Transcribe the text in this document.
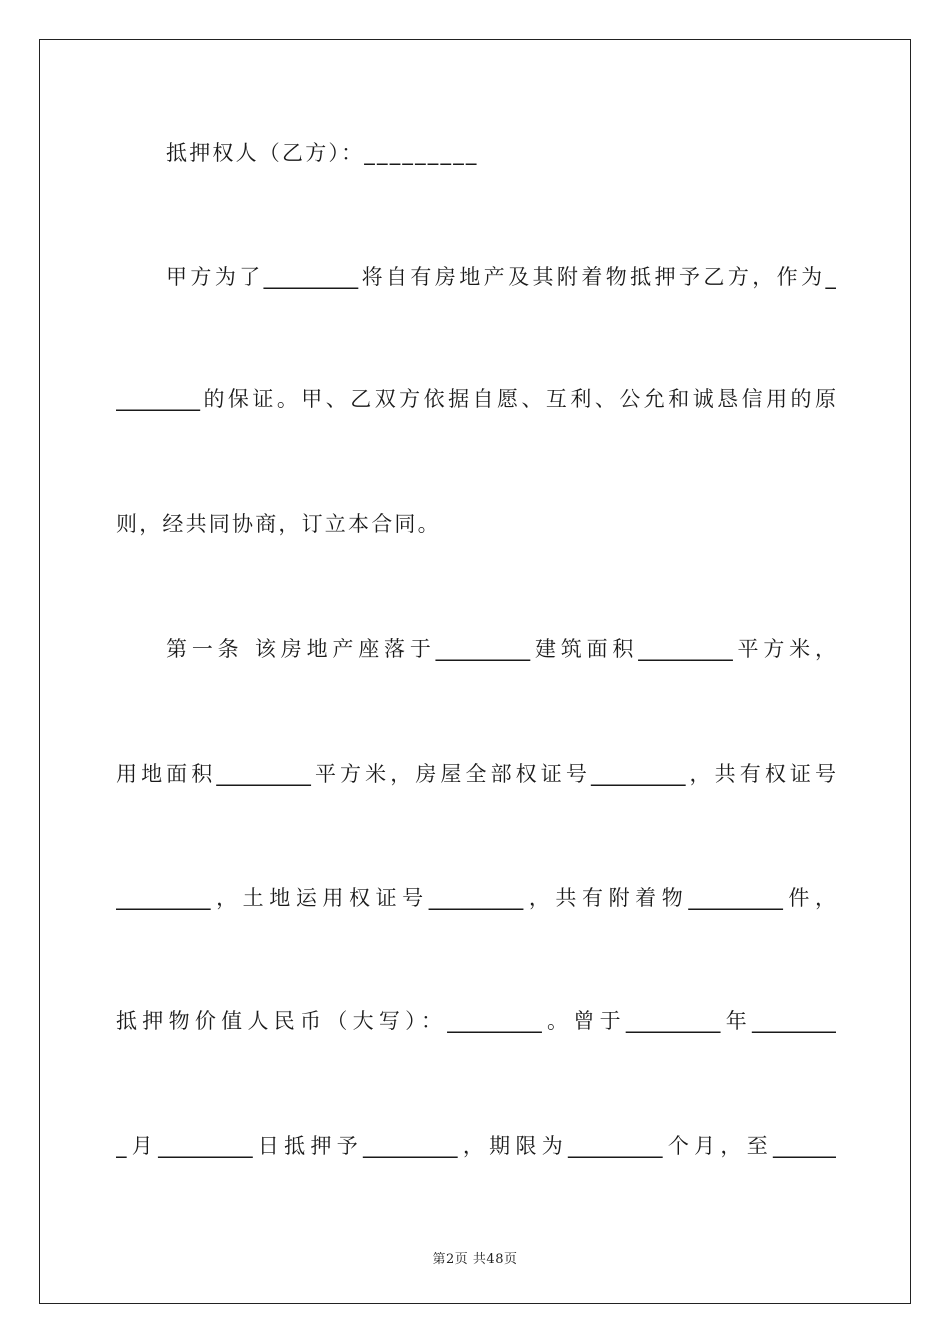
抵押权人（乙方）：_________
甲方为了_________将自有房地产及其附着物抵押予乙方，作为_
________的保证。甲、乙双方依据自愿、互利、公允和诚恳信用的原
则，经共同协商，订立本合同。
第一条 该房地产座落于_________建筑面积_________平方米，
用地面积_________平方米，房屋全部权证号_________，共有权证号
_________，土地运用权证号_________，共有附着物_________件，
抵押物价值人民币（大写）：_________。曾于_________年________
_月_________日抵押予_________，期限为_________个月，至______
第2页 共48页
